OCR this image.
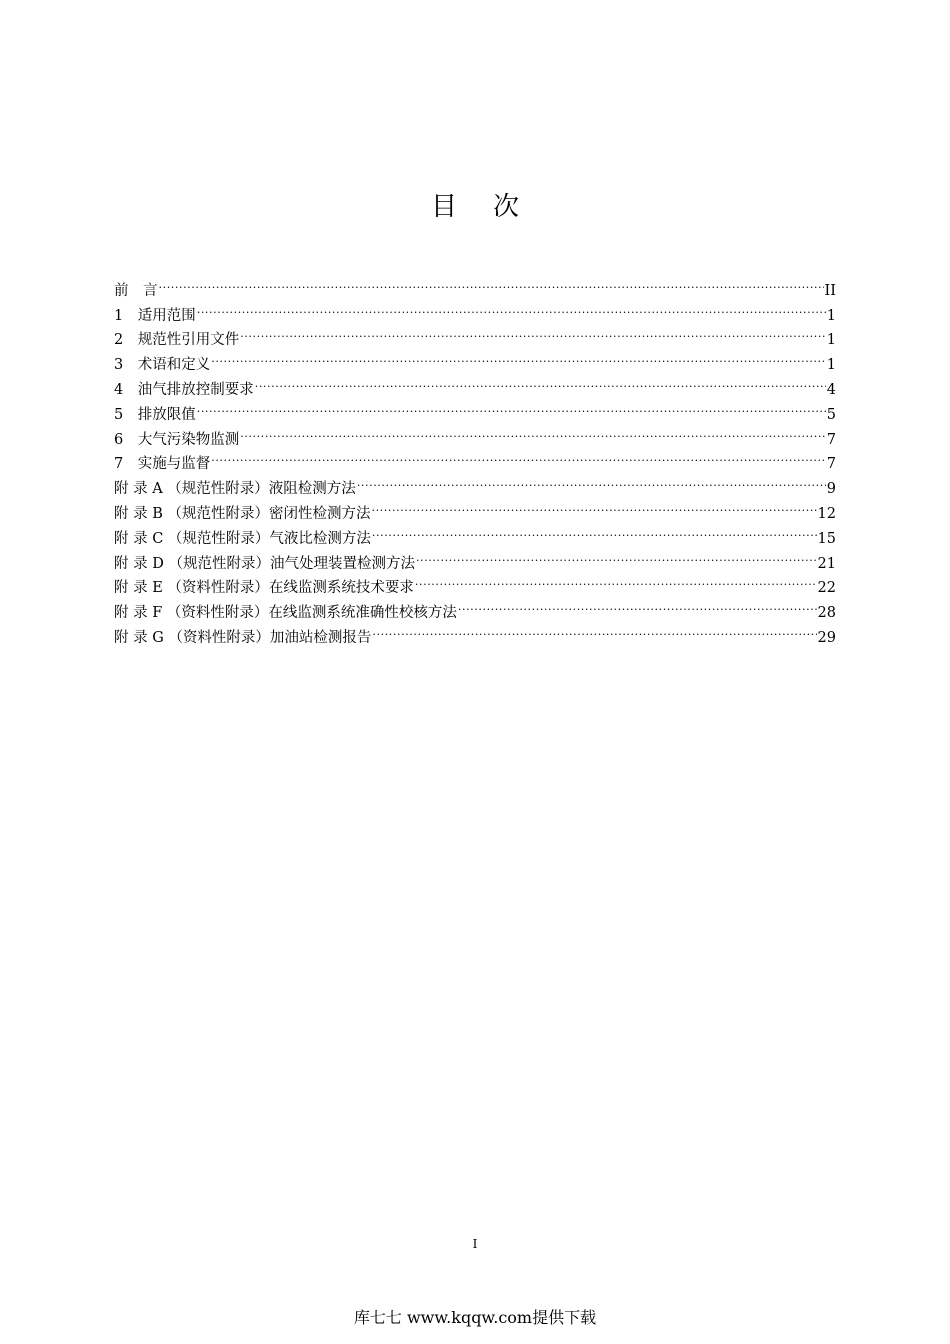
目 次
前　言 .....	II
1　适用范围 .....	1
2　规范性引用文件 .....	1
3　术语和定义 .....	1
4　油气排放控制要求 .....	4
5　排放限值 .....	5
6　大气污染物监测 .....	7
7　实施与监督 .....	7
附 录 A （规范性附录）液阻检测方法 .....	9
附 录 B （规范性附录）密闭性检测方法 .....	12
附 录 C （规范性附录）气液比检测方法 .....	15
附 录 D （规范性附录）油气处理装置检测方法 .....	21
附 录 E （资料性附录）在线监测系统技术要求 .....	22
附 录 F （资料性附录）在线监测系统准确性校核方法 .....	28
附 录 G （资料性附录）加油站检测报告 .....	29
I
库七七 www.kqqw.com提供下载
